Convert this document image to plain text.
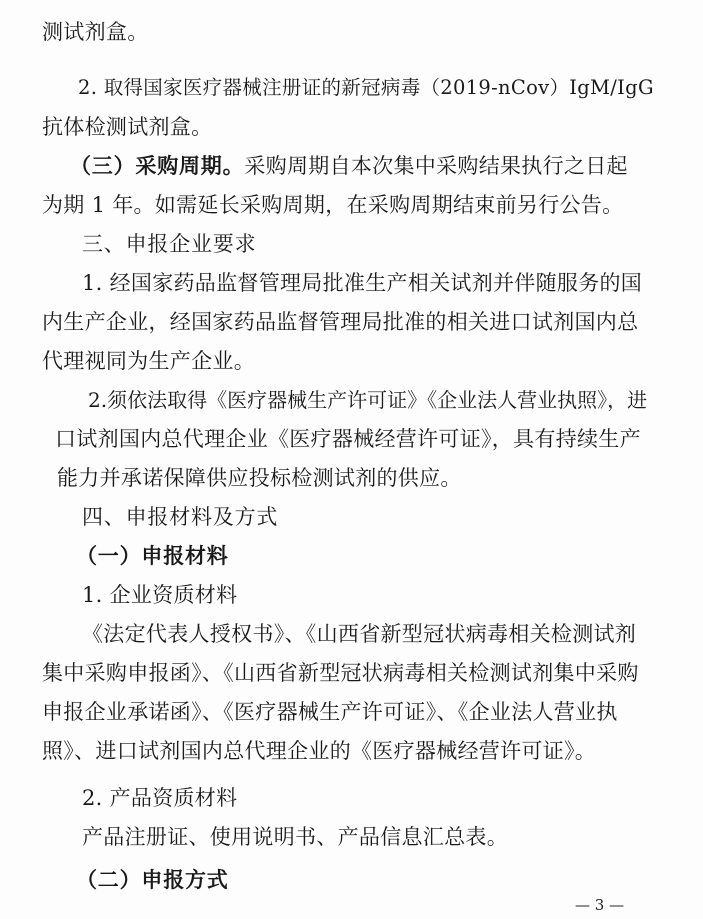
测试剂盒。
2. 取得国家医疗器械注册证的新冠病毒（2019-nCov）IgM/IgG
抗体检测试剂盒。
（三）采购周期。采购周期自本次集中采购结果执行之日起
为期 1 年。如需延长采购周期，在采购周期结束前另行公告。
三、申报企业要求
1. 经国家药品监督管理局批准生产相关试剂并伴随服务的国
内生产企业，经国家药品监督管理局批准的相关进口试剂国内总
代理视同为生产企业。
2.须依法取得《医疗器械生产许可证》《企业法人营业执照》，进
口试剂国内总代理企业《医疗器械经营许可证》，具有持续生产
能力并承诺保障供应投标检测试剂的供应。
四、申报材料及方式
（一）申报材料
1. 企业资质材料
《法定代表人授权书》、《山西省新型冠状病毒相关检测试剂
集中采购申报函》、《山西省新型冠状病毒相关检测试剂集中采购
申报企业承诺函》、《医疗器械生产许可证》、《企业法人营业执
照》、进口试剂国内总代理企业的《医疗器械经营许可证》。
2. 产品资质材料
产品注册证、使用说明书、产品信息汇总表。
（二）申报方式
— 3 —
